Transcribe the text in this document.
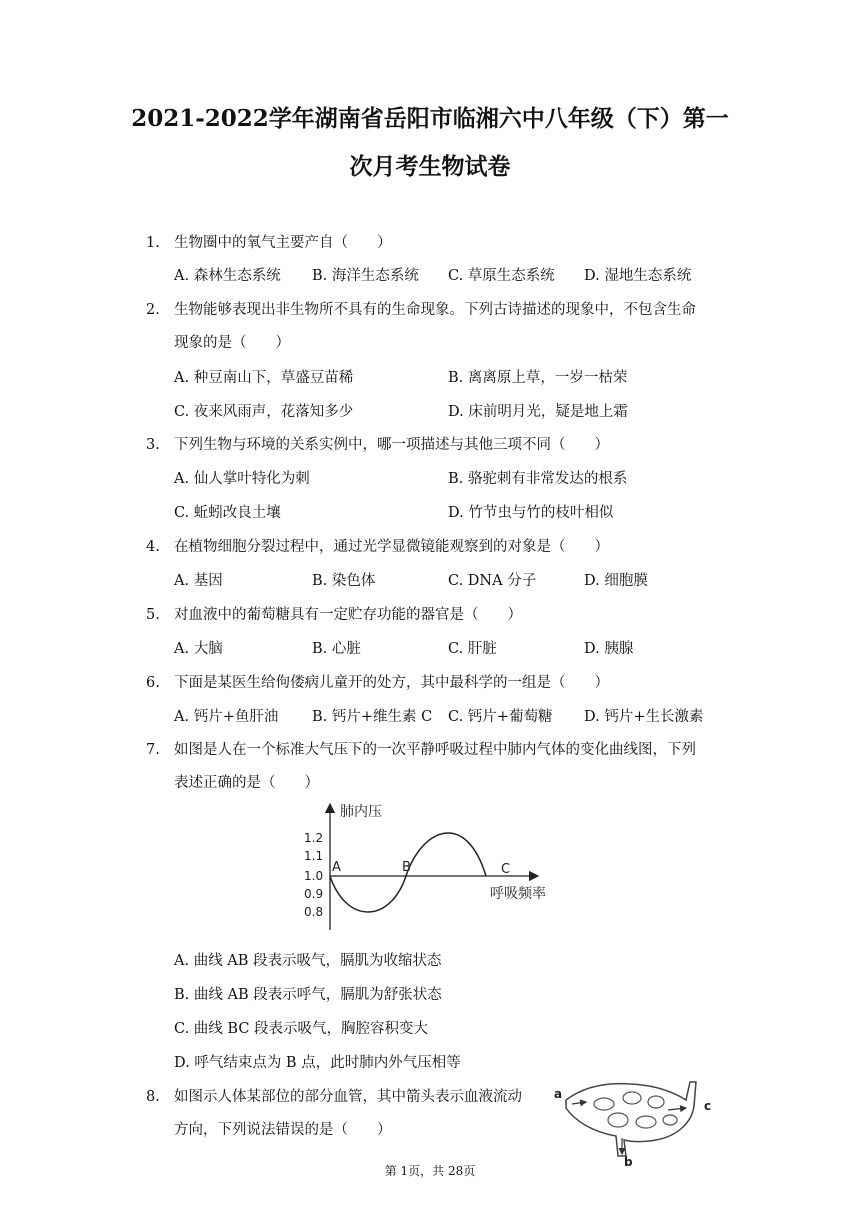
2021-2022学年湖南省岳阳市临湘六中八年级（下）第一
次月考生物试卷
1. 生物圈中的氧气主要产自（　　）
A. 森林生态系统 B. 海洋生态系统 C. 草原生态系统 D. 湿地生态系统
2. 生物能够表现出非生物所不具有的生命现象。下列古诗描述的现象中，不包含生命
现象的是（　　）
A. 种豆南山下，草盛豆苗稀	B. 离离原上草，一岁一枯荣
C. 夜来风雨声，花落知多少	D. 床前明月光，疑是地上霜
3. 下列生物与环境的关系实例中，哪一项描述与其他三项不同（　　）
A. 仙人掌叶特化为刺	B. 骆驼刺有非常发达的根系
C. 蚯蚓改良土壤	D. 竹节虫与竹的枝叶相似
4. 在植物细胞分裂过程中，通过光学显微镜能观察到的对象是（　　）
A. 基因	B. 染色体	C. DNA 分子	D. 细胞膜
5. 对血液中的葡萄糖具有一定贮存功能的器官是（　　）
A. 大脑	B. 心脏	C. 肝脏	D. 胰腺
6. 下面是某医生给佝偻病儿童开的处方，其中最科学的一组是（　　）
A. 钙片+鱼肝油 B. 钙片+维生素 C C. 钙片+葡萄糖 D. 钙片+生长激素
7. 如图是人在一个标准大气压下的一次平静呼吸过程中肺内气体的变化曲线图，下列
表述正确的是（　　）
肺内压
呼吸频率
1.2
1.1
1.0
0.9
0.8
A	B	C
A. 曲线 AB 段表示吸气，膈肌为收缩状态
B. 曲线 AB 段表示呼气，膈肌为舒张状态
C. 曲线 BC 段表示吸气，胸腔容积变大
D. 呼气结束点为 B 点，此时肺内外气压相等
8. 如图示人体某部位的部分血管，其中箭头表示血液流动
方向，下列说法错误的是（　　）
a
b
c
第 1页，共 28页
